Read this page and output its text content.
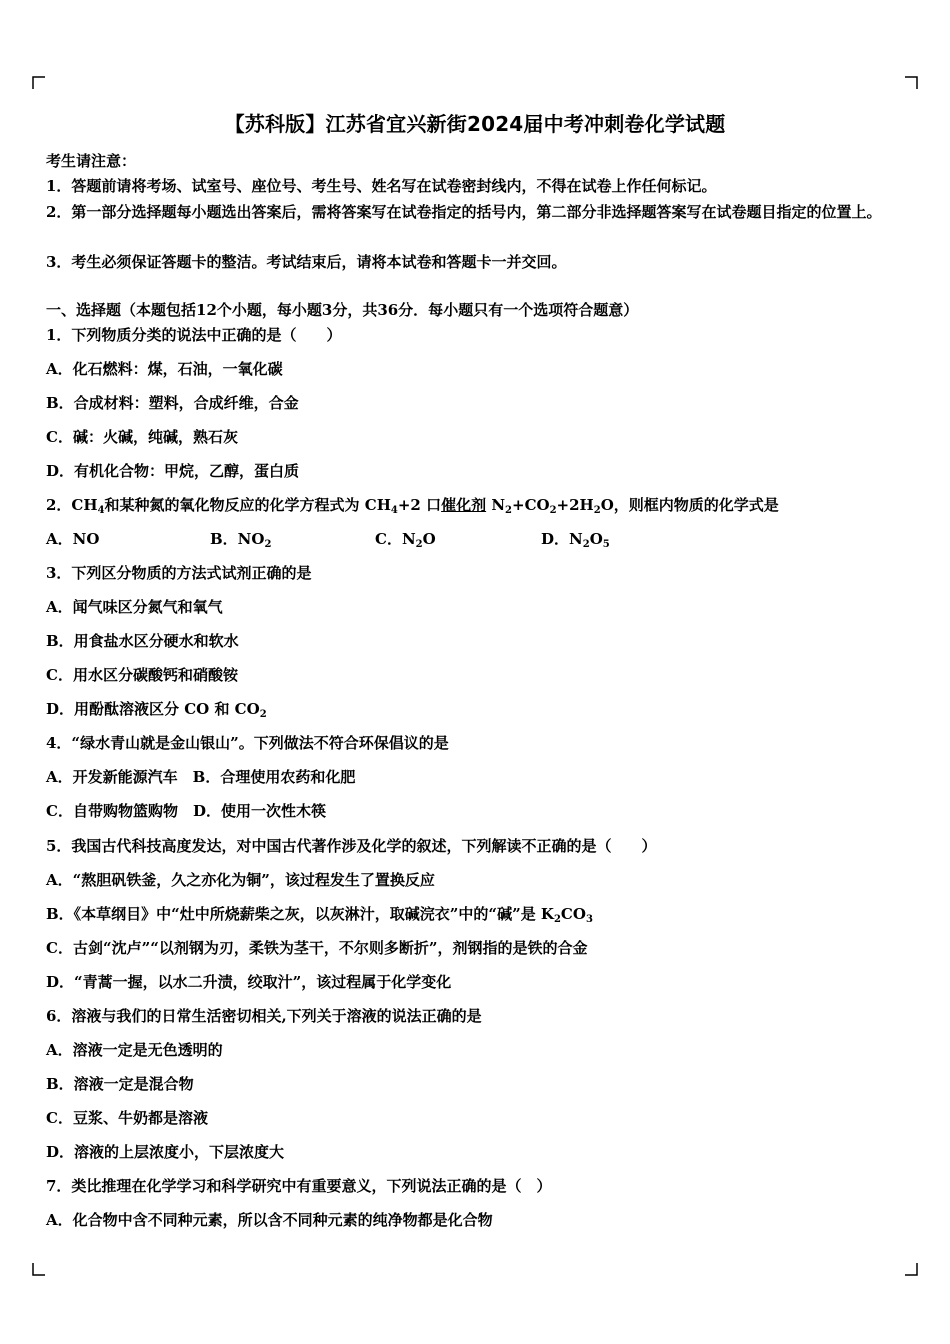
【苏科版】江苏省宜兴新街2024届中考冲刺卷化学试题
考生请注意：
1．答题前请将考场、试室号、座位号、考生号、姓名写在试卷密封线内，不得在试卷上作任何标记。
2．第一部分选择题每小题选出答案后，需将答案写在试卷指定的括号内，第二部分非选择题答案写在试卷题目指定的位置上。
3．考生必须保证答题卡的整洁。考试结束后，请将本试卷和答题卡一并交回。
一、选择题（本题包括12个小题，每小题3分，共36分．每小题只有一个选项符合题意）
1．下列物质分类的说法中正确的是（　　）
A．化石燃料：煤，石油，一氧化碳
B．合成材料：塑料，合成纤维，合金
C．碱：火碱，纯碱，熟石灰
D．有机化合物：甲烷，乙醇，蛋白质
2．$CH_4$和某种氮的氧化物反应的化学方程式为 $CH_4+2$ 口催化剂 $N_2+CO_2+2H_2O$，则框内物质的化学式是
A．NO	B．$NO_2$	C．$N_2O$	D．$N_2O_5$
3．下列区分物质的方法式试剂正确的是
A．闻气味区分氮气和氧气
B．用食盐水区分硬水和软水
C．用水区分碳酸钙和硝酸铵
D．用酚酞溶液区分 CO 和 $CO_2$
4．“绿水青山就是金山银山”。下列做法不符合环保倡议的是
A．开发新能源汽车　B．合理使用农药和化肥
C．自带购物篮购物　D．使用一次性木筷
5．我国古代科技高度发达，对中国古代著作涉及化学的叙述，下列解读不正确的是（　　）
A．“熬胆矾铁釜，久之亦化为铜”，该过程发生了置换反应
B．《本草纲目》中“灶中所烧薪柴之灰，以灰淋汁，取碱浣衣”中的“碱”是 $K_2CO_3$
C．古剑“沈卢”“以剂钢为刃，柔铁为茎干，不尔则多断折”，剂钢指的是铁的合金
D．“青蒿一握，以水二升渍，绞取汁”，该过程属于化学变化
6．溶液与我们的日常生活密切相关,下列关于溶液的说法正确的是
A．溶液一定是无色透明的
B．溶液一定是混合物
C．豆浆、牛奶都是溶液
D．溶液的上层浓度小，下层浓度大
7．类比推理在化学学习和科学研究中有重要意义，下列说法正确的是（　）
A．化合物中含不同种元素，所以含不同种元素的纯净物都是化合物
